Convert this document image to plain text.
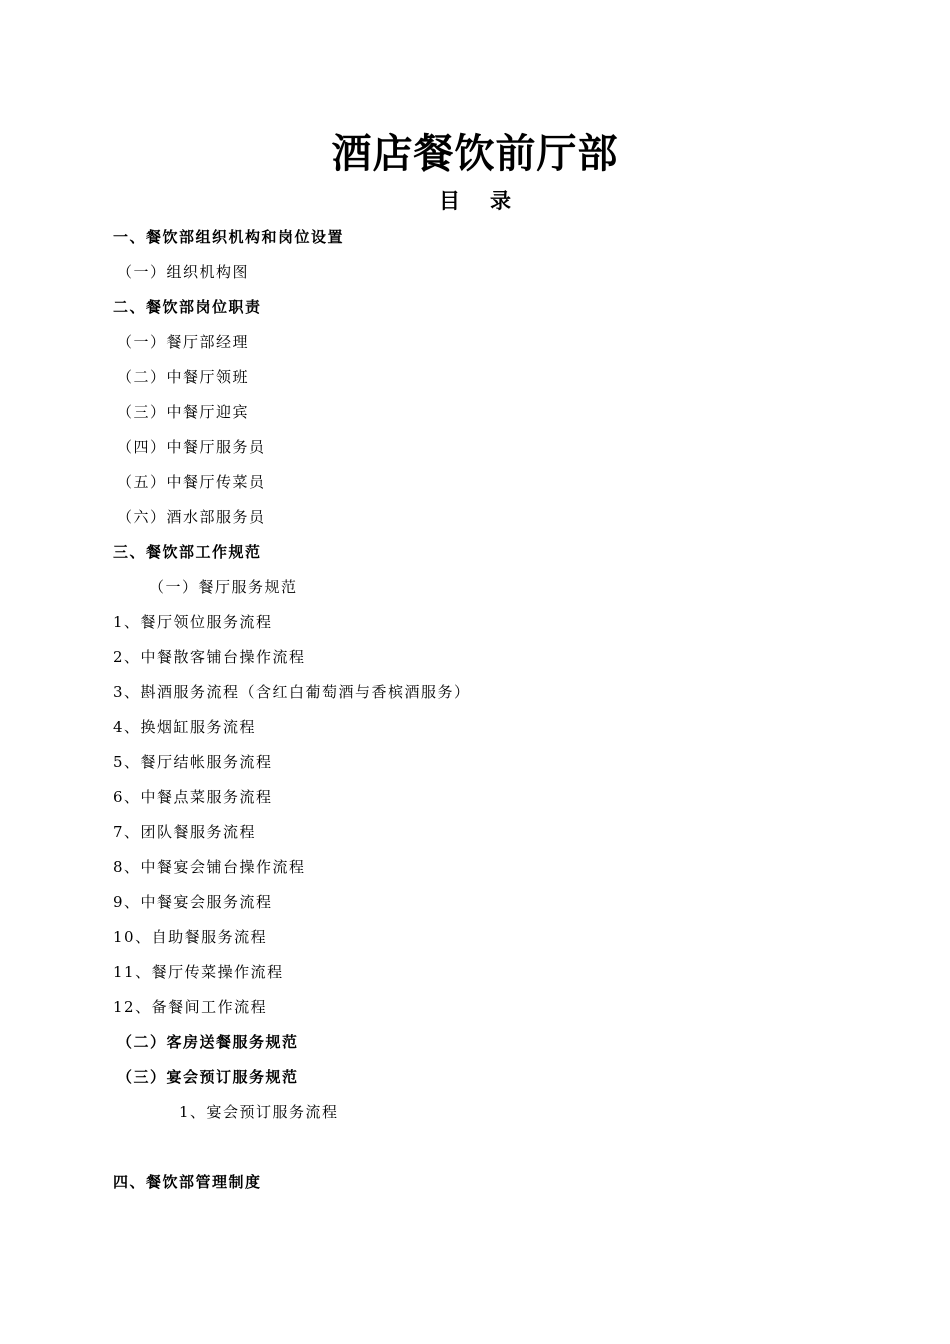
酒店餐饮前厅部
目 录
一、餐饮部组织机构和岗位设置
（一）组织机构图
二、餐饮部岗位职责
（一）餐厅部经理
（二）中餐厅领班
（三）中餐厅迎宾
（四）中餐厅服务员
（五）中餐厅传菜员
（六）酒水部服务员
三、餐饮部工作规范
（一）餐厅服务规范
1、餐厅领位服务流程
2、中餐散客铺台操作流程
3、斟酒服务流程（含红白葡萄酒与香槟酒服务）
4、换烟缸服务流程
5、餐厅结帐服务流程
6、中餐点菜服务流程
7、团队餐服务流程
8、中餐宴会铺台操作流程
9、中餐宴会服务流程
10、自助餐服务流程
11、餐厅传菜操作流程
12、备餐间工作流程
（二）客房送餐服务规范
（三）宴会预订服务规范
1、宴会预订服务流程
四、餐饮部管理制度
